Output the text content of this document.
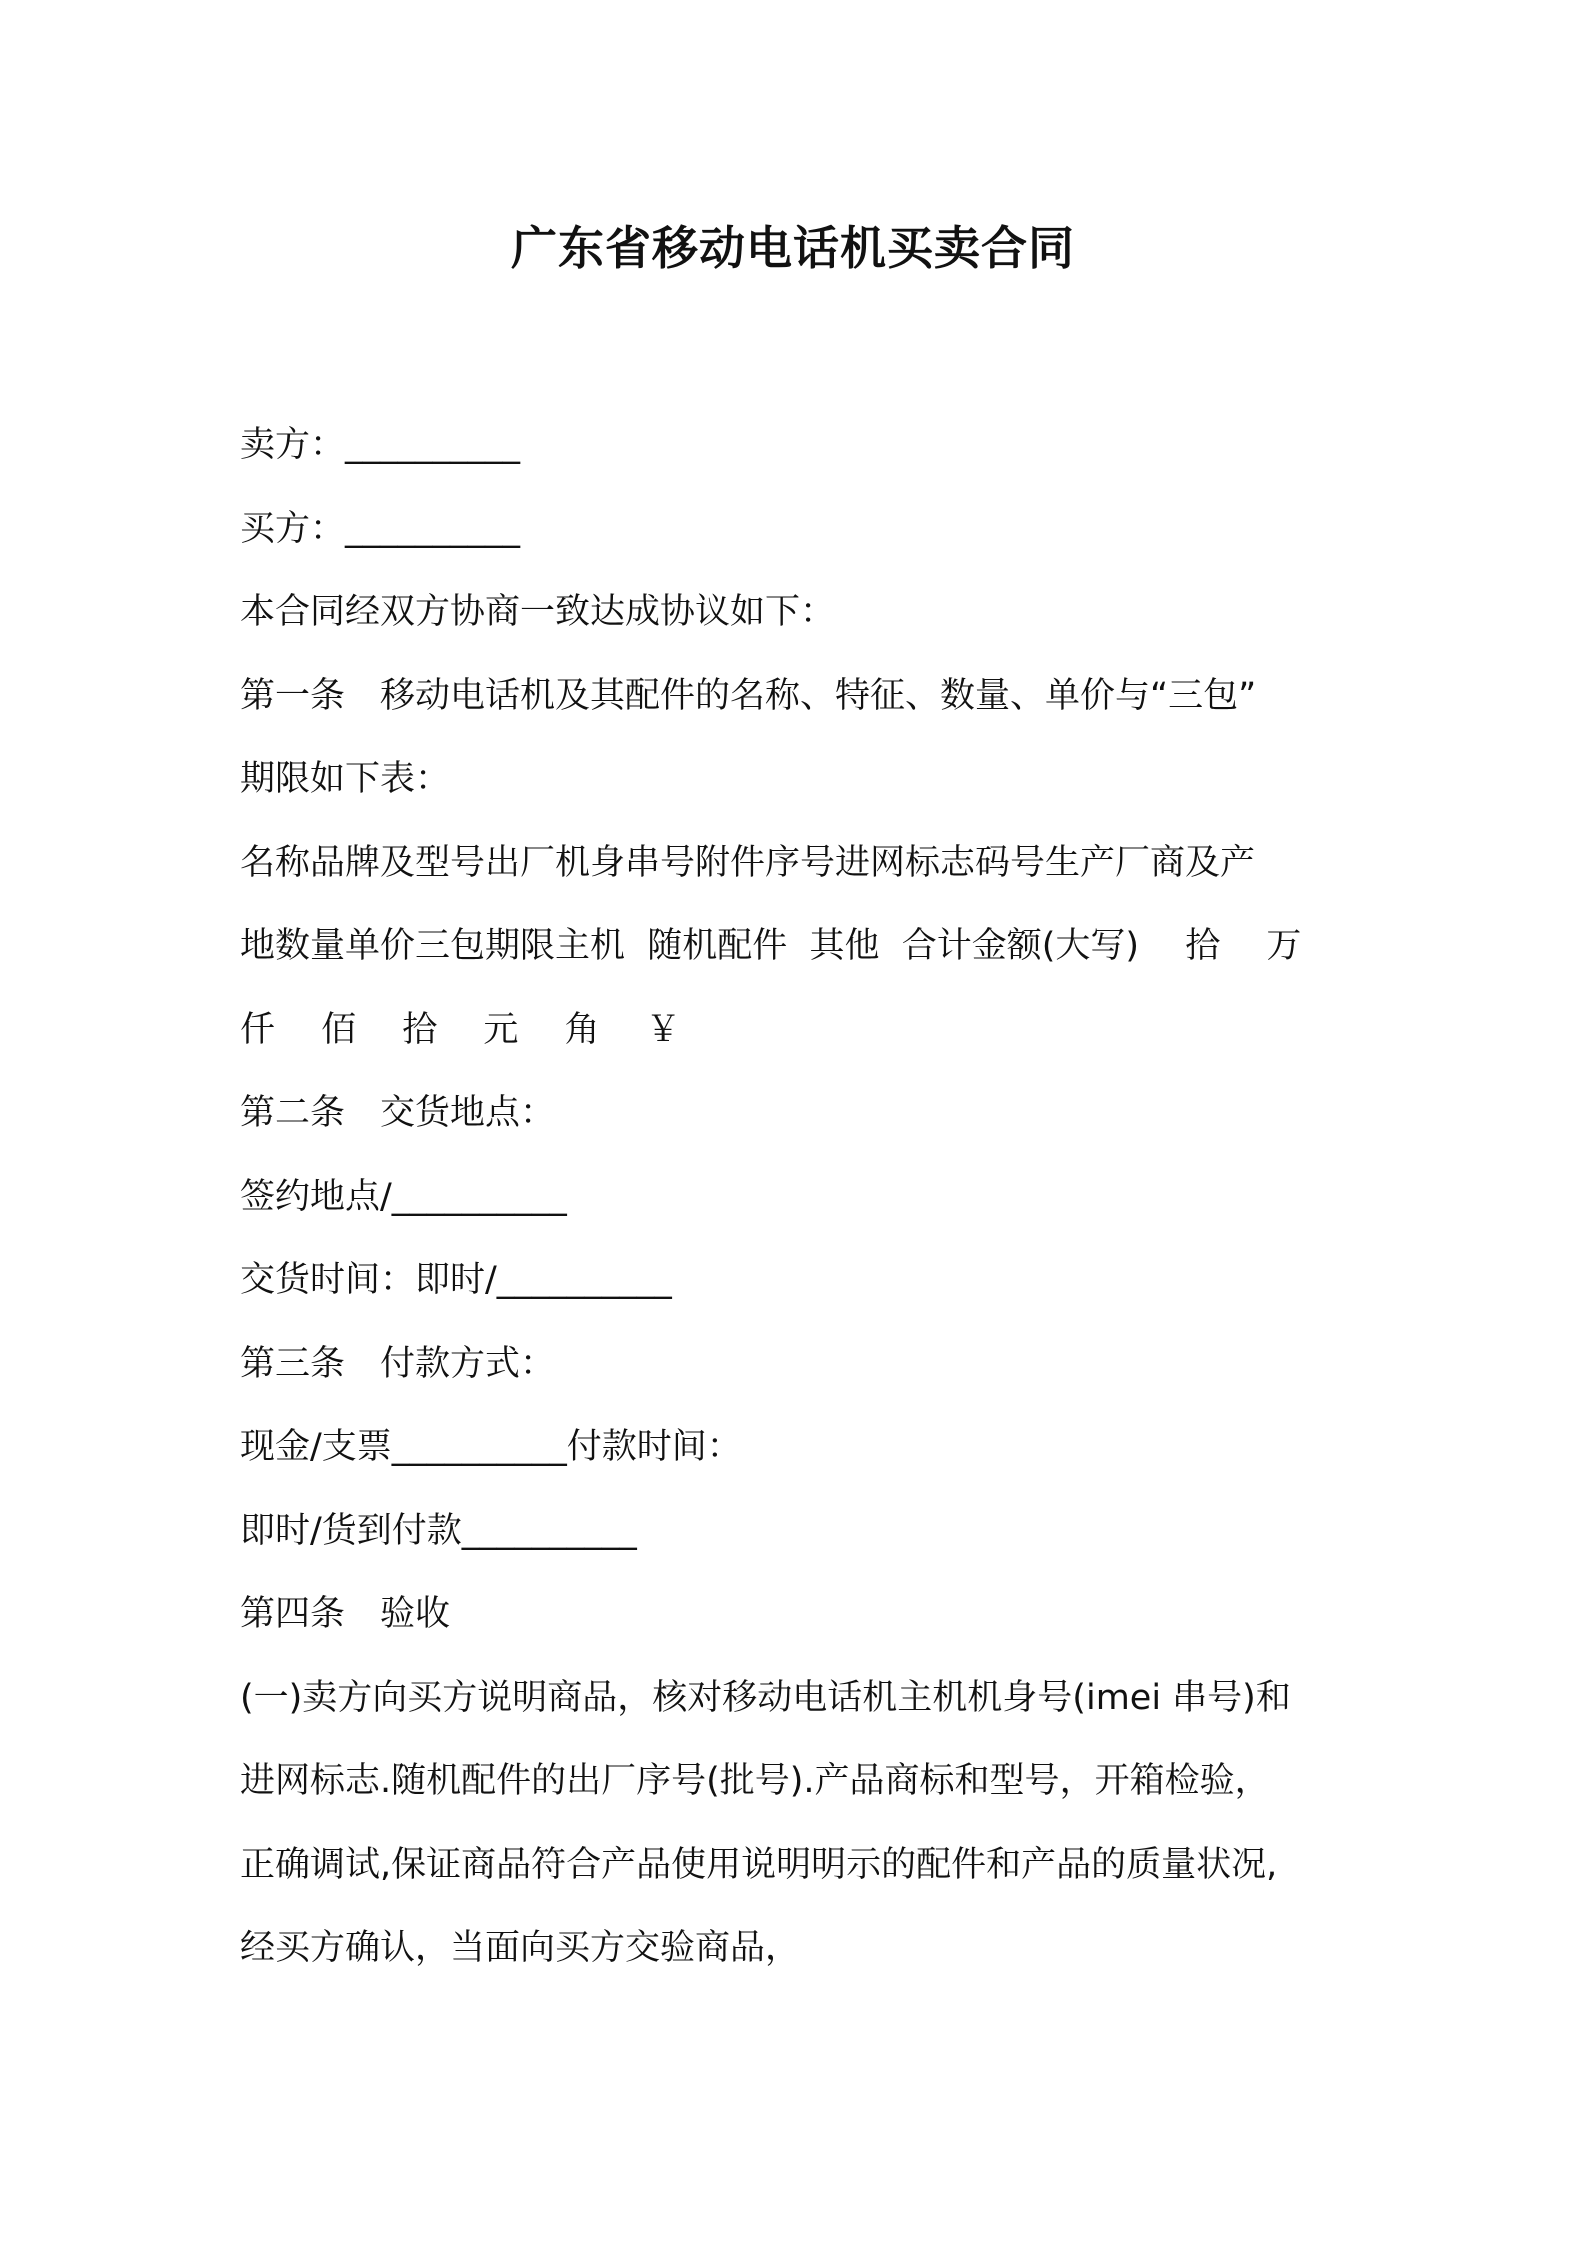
广东省移动电话机买卖合同
卖方：__________
买方：__________
本合同经双方协商一致达成协议如下：
第一条　移动电话机及其配件的名称、特征、数量、单价与“三包”
期限如下表：
名称品牌及型号出厂机身串号附件序号进网标志码号生产厂商及产
地数量单价三包期限主机  随机配件  其他  合计金额(大写)　 拾　 万
仟　 佰　 拾　 元　 角　 ￥
第二条　交货地点：
签约地点/__________
交货时间：即时/__________
第三条　付款方式：
现金/支票__________付款时间：
即时/货到付款__________
第四条　验收
(一)卖方向买方说明商品，核对移动电话机主机机身号(imei 串号)和
进网标志.随机配件的出厂序号(批号).产品商标和型号，开箱检验，
正确调试,保证商品符合产品使用说明明示的配件和产品的质量状况,
经买方确认，当面向买方交验商品，
